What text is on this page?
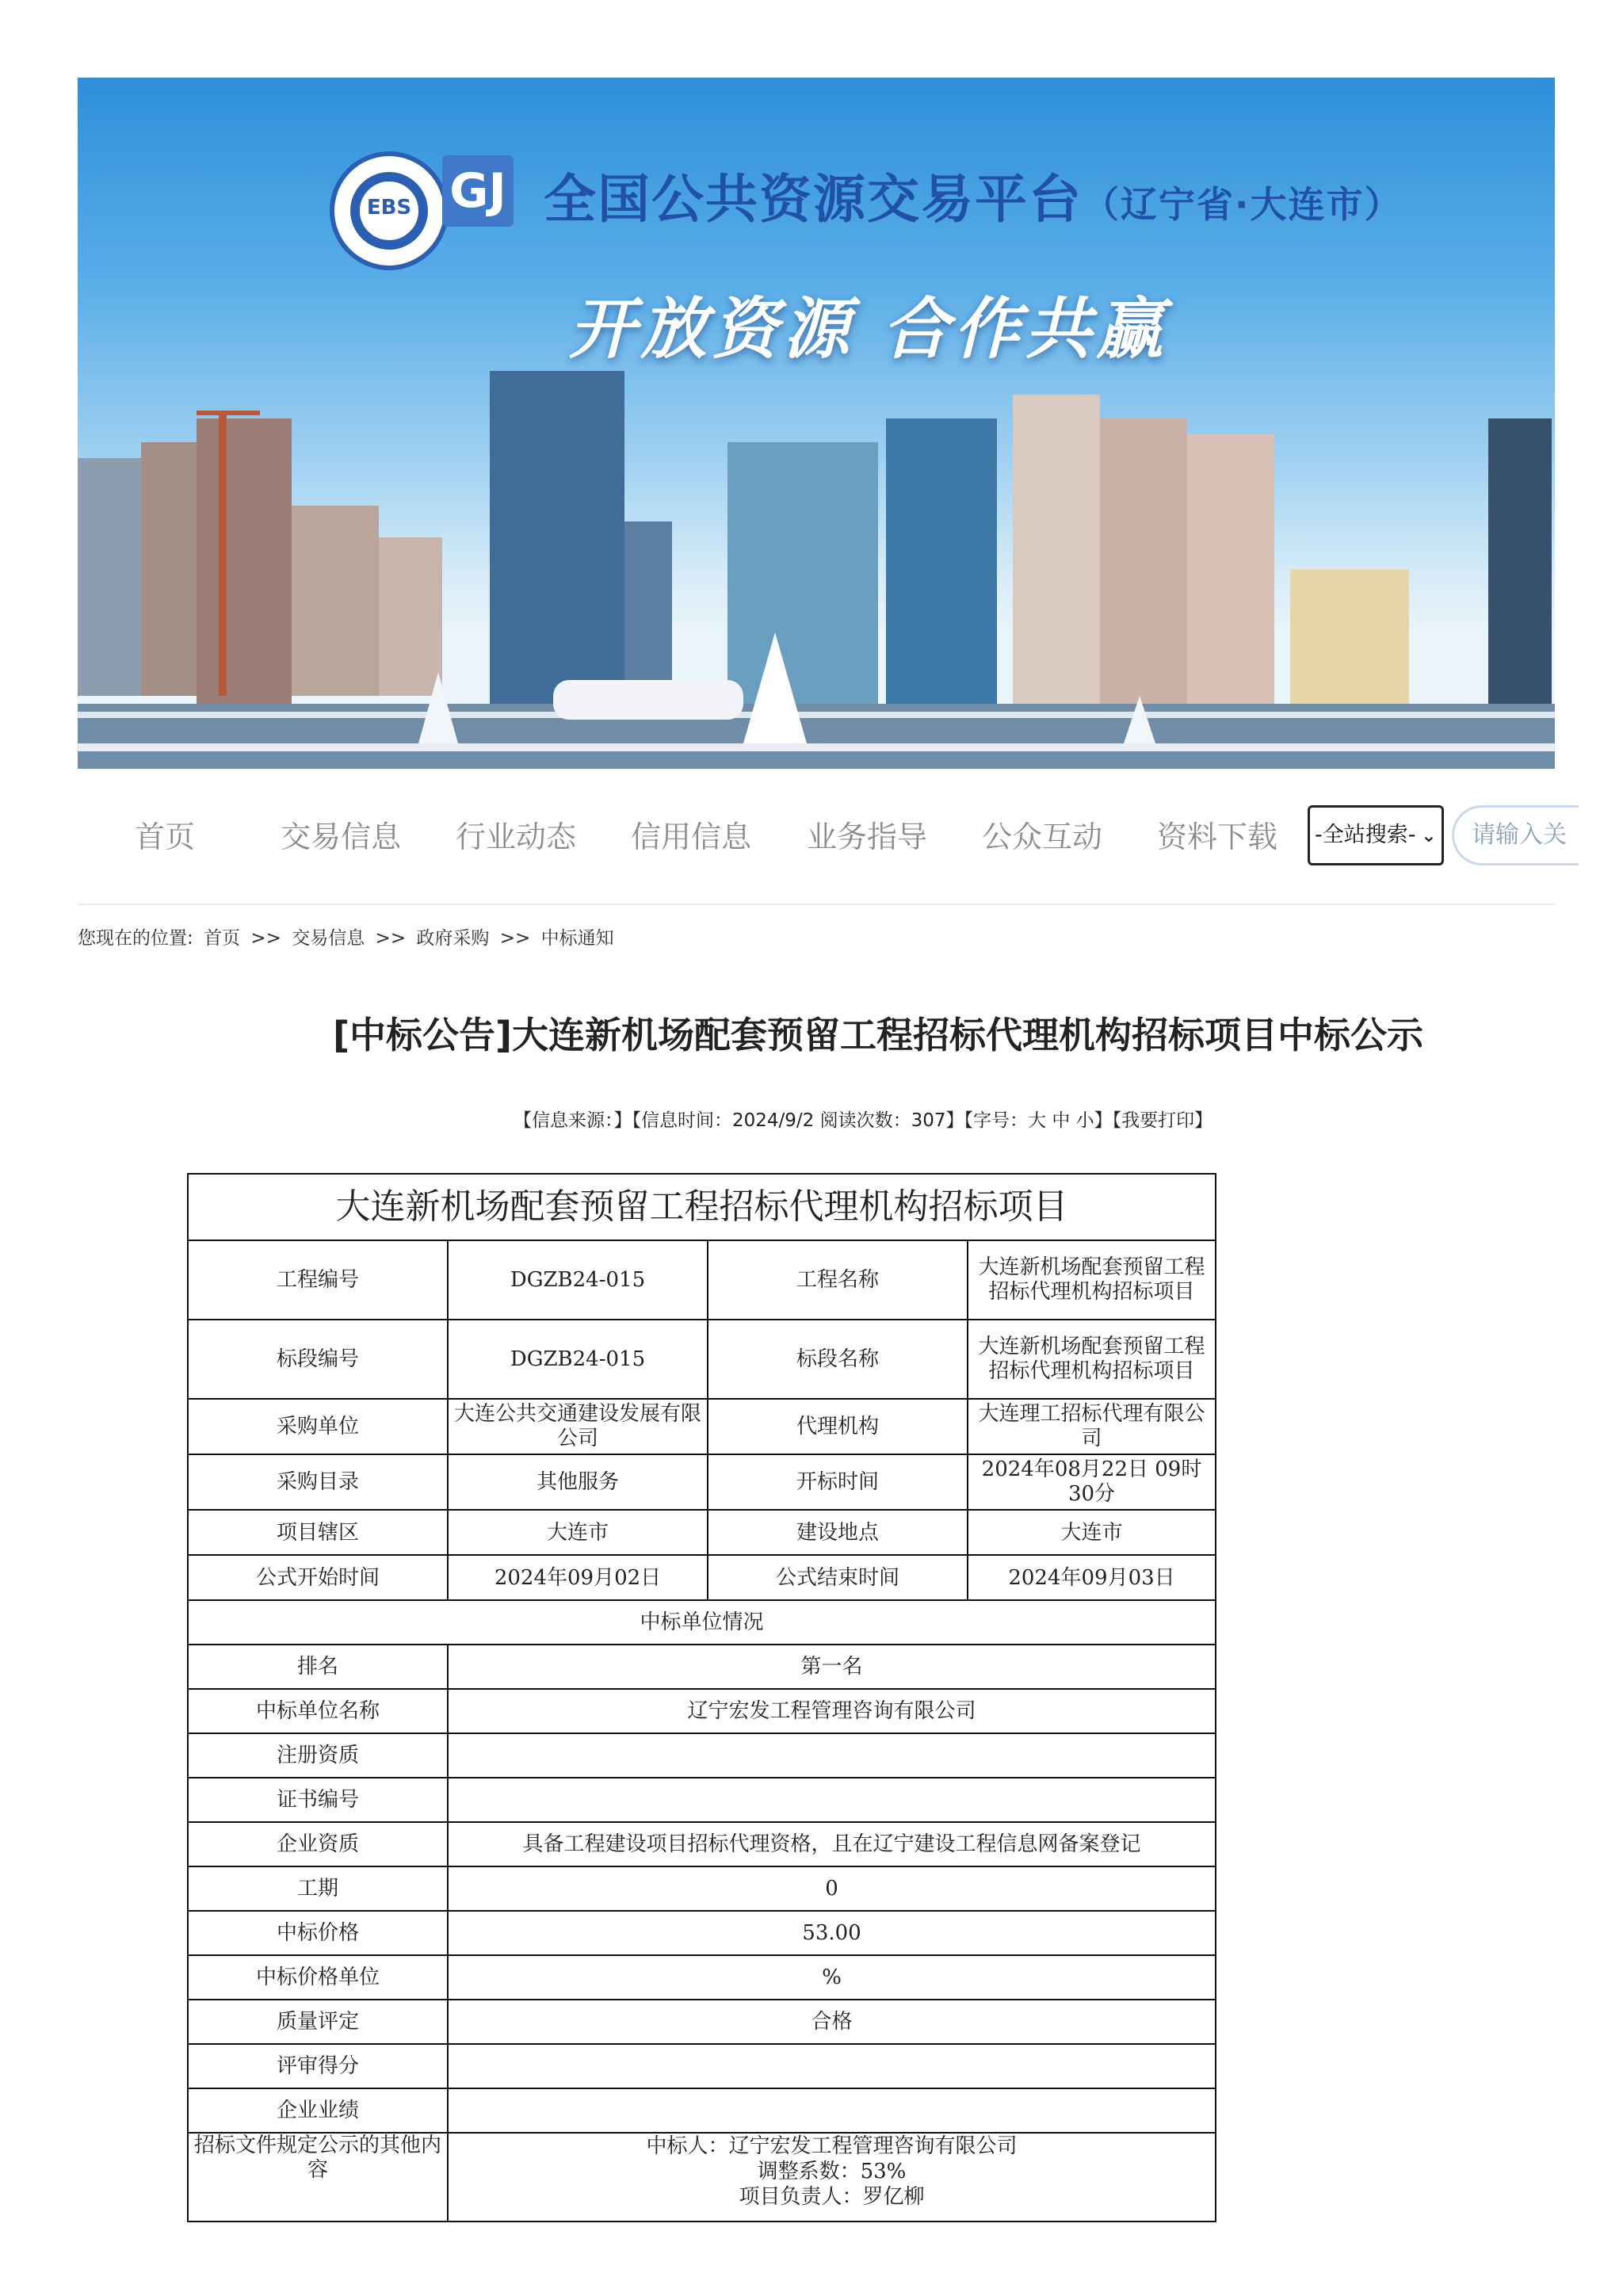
EBS GJ 全国公共资源交易平台（辽宁省·大连市）
开放资源 合作共赢
首页	交易信息 行业动态 信用信息 业务指导 公众互动 资料下载	-全站搜索- ⌄	请输入关
您现在的位置: 首页 >> 交易信息 >> 政府采购 >> 中标通知
[中标公告]大连新机场配套预留工程招标代理机构招标项目中标公示
【信息来源：】【信息时间：2024/9/2 阅读次数：307】【字号：大 中 小】【我要打印】
大连新机场配套预留工程招标代理机构招标项目			
工程编号	DGZB24-015	工程名称	大连新机场配套预留工程招标代理机构招标项目
标段编号	DGZB24-015	标段名称	大连新机场配套预留工程招标代理机构招标项目
采购单位	大连公共交通建设发展有限公司	代理机构	大连理工招标代理有限公司
采购目录	其他服务	开标时间	2024年08月22日 09时30分
项目辖区	大连市	建设地点	大连市
公式开始时间	2024年09月02日	公式结束时间	2024年09月03日
中标单位情况			
排名	第一名		
中标单位名称	辽宁宏发工程管理咨询有限公司		
注册资质			
证书编号			
企业资质	具备工程建设项目招标代理资格，且在辽宁建设工程信息网备案登记		
工期	0		
中标价格	53.00		
中标价格单位	%		
质量评定	合格		
评审得分			
企业业绩			
招标文件规定公示的其他内容	中标人：辽宁宏发工程管理咨询有限公司
调整系数：53%
项目负责人：罗亿柳		
